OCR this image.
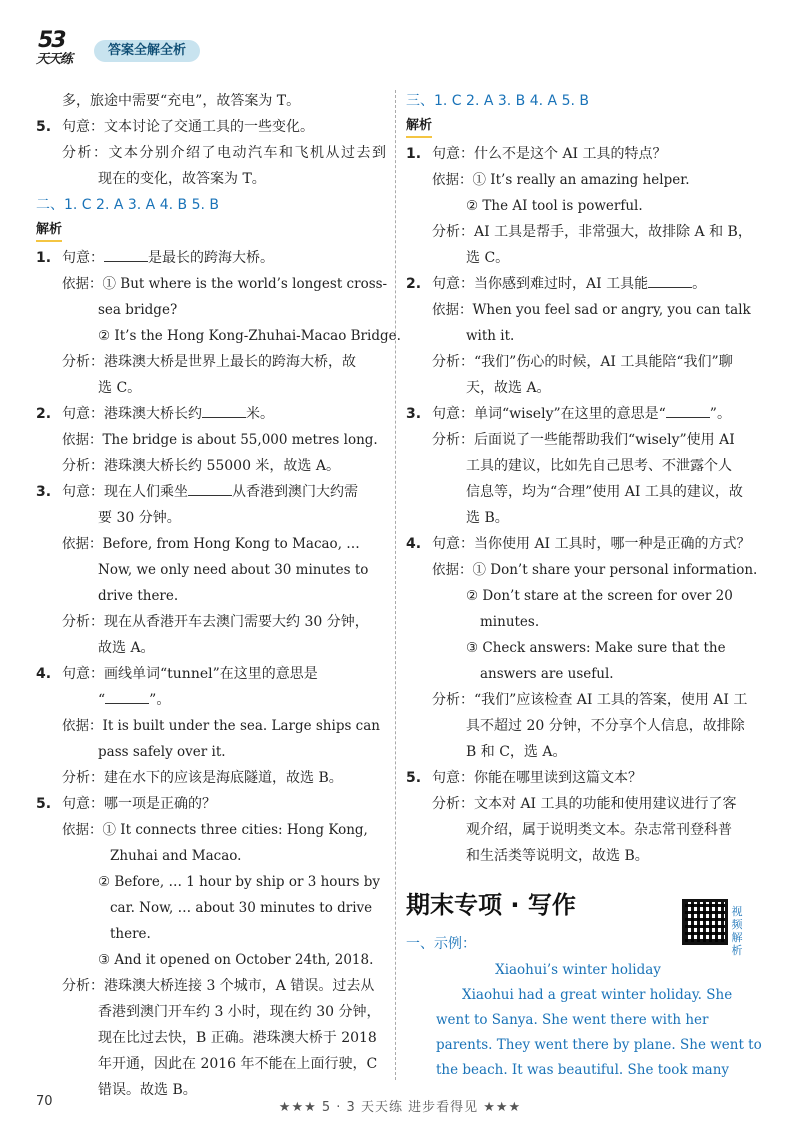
53
天天练
答案全解全析
多，旅途中需要“充电”，故答案为 T。
5. 句意：文本讨论了交通工具的一些变化。
分析：文本分别介绍了电动汽车和飞机从过去到
现在的变化，故答案为 T。
二、1. C 2. A 3. A 4. B 5. B
解析
1. 句意：	是最长的跨海大桥。
依据：① But where is the world’s longest cross-
sea bridge?
② It’s the Hong Kong-Zhuhai-Macao Bridge.
分析：港珠澳大桥是世界上最长的跨海大桥，故
选 C。
2. 句意：港珠澳大桥长约	米。
依据：The bridge is about 55,000 metres long.
分析：港珠澳大桥长约 55000 米，故选 A。
3. 句意：现在人们乘坐	从香港到澳门大约需
要 30 分钟。
依据：Before, from Hong Kong to Macao, …
Now, we only need about 30 minutes to
drive there.
分析：现在从香港开车去澳门需要大约 30 分钟，
故选 A。
4. 句意：画线单词“tunnel”在这里的意思是
“	”。
依据：It is built under the sea. Large ships can
pass safely over it.
分析：建在水下的应该是海底隧道，故选 B。
5. 句意：哪一项是正确的？
依据：① It connects three cities: Hong Kong,
Zhuhai and Macao.
② Before, … 1 hour by ship or 3 hours by
car. Now, … about 30 minutes to drive
there.
③ And it opened on October 24th, 2018.
分析：港珠澳大桥连接 3 个城市，A 错误。过去从
香港到澳门开车约 3 小时，现在约 30 分钟，
现在比过去快，B 正确。港珠澳大桥于 2018
年开通，因此在 2016 年不能在上面行驶，C
错误。故选 B。
三、1. C 2. A 3. B 4. A 5. B
解析
1. 句意：什么不是这个 AI 工具的特点？
依据：① It’s really an amazing helper.
② The AI tool is powerful.
分析：AI 工具是帮手，非常强大，故排除 A 和 B，
选 C。
2. 句意：当你感到难过时，AI 工具能	。
依据：When you feel sad or angry, you can talk
with it.
分析：“我们”伤心的时候，AI 工具能陪“我们”聊
天，故选 A。
3. 句意：单词“wisely”在这里的意思是“	”。
分析：后面说了一些能帮助我们“wisely”使用 AI
工具的建议，比如先自己思考、不泄露个人
信息等，均为“合理”使用 AI 工具的建议，故
选 B。
4. 句意：当你使用 AI 工具时，哪一种是正确的方式？
依据：① Don’t share your personal information.
② Don’t stare at the screen for over 20
minutes.
③ Check answers: Make sure that the
answers are useful.
分析：“我们”应该检查 AI 工具的答案，使用 AI 工
具不超过 20 分钟，不分享个人信息，故排除
B 和 C，选 A。
5. 句意：你能在哪里读到这篇文本？
分析：文本对 AI 工具的功能和使用建议进行了客
观介绍，属于说明类文本。杂志常刊登科普
和生活类等说明文，故选 B。
期末专项 · 写作	视频解析
一、示例：
Xiaohui’s winter holiday
Xiaohui had a great winter holiday. She
went to Sanya. She went there with her
parents. They went there by plane. She went to
the beach. It was beautiful. She took many
70	★★★ 5 · 3 天天练 进步看得见 ★★★
